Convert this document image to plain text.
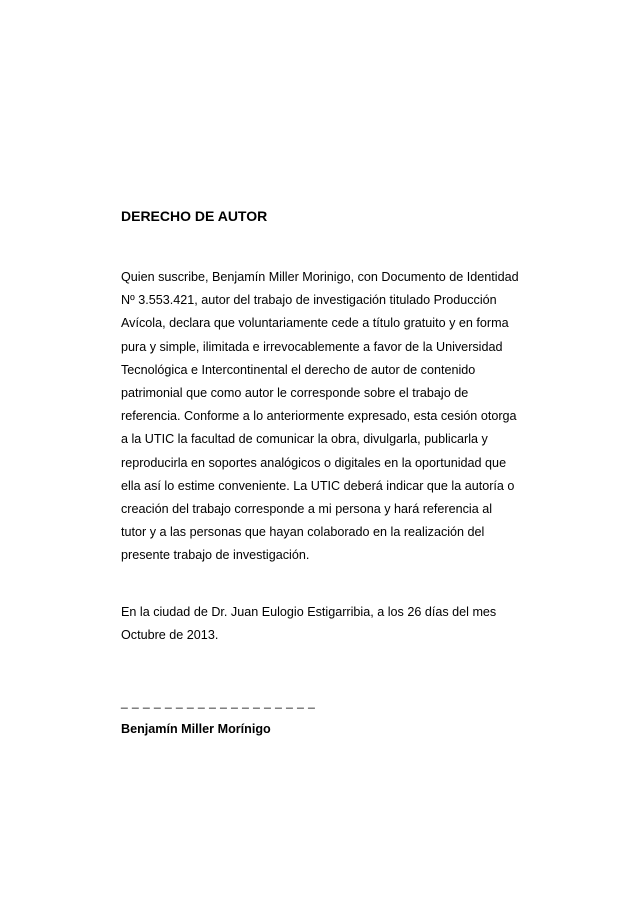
DERECHO DE AUTOR
Quien suscribe, Benjamín Miller Morinigo, con Documento de Identidad
Nº 3.553.421, autor del trabajo de investigación titulado Producción
Avícola, declara que voluntariamente cede a título gratuito y en forma
pura y simple, ilimitada e irrevocablemente a favor de la Universidad
Tecnológica e Intercontinental el derecho de autor de contenido
patrimonial que como autor le corresponde sobre el trabajo de
referencia. Conforme a lo anteriormente expresado, esta cesión otorga
a la UTIC la facultad de comunicar la obra, divulgarla, publicarla y
reproducirla en soportes analógicos o digitales en la oportunidad que
ella así lo estime conveniente. La UTIC deberá indicar que la autoría o
creación del trabajo corresponde a mi persona y hará referencia al
tutor y a las personas que hayan colaborado en la realización del
presente trabajo de investigación.
En la ciudad de Dr. Juan Eulogio Estigarribia, a los 26 días del mes
Octubre de 2013.
_ _ _ _ _ _ _ _ _ _ _ _ _ _ _ _ _ _
Benjamín Miller Morínigo
